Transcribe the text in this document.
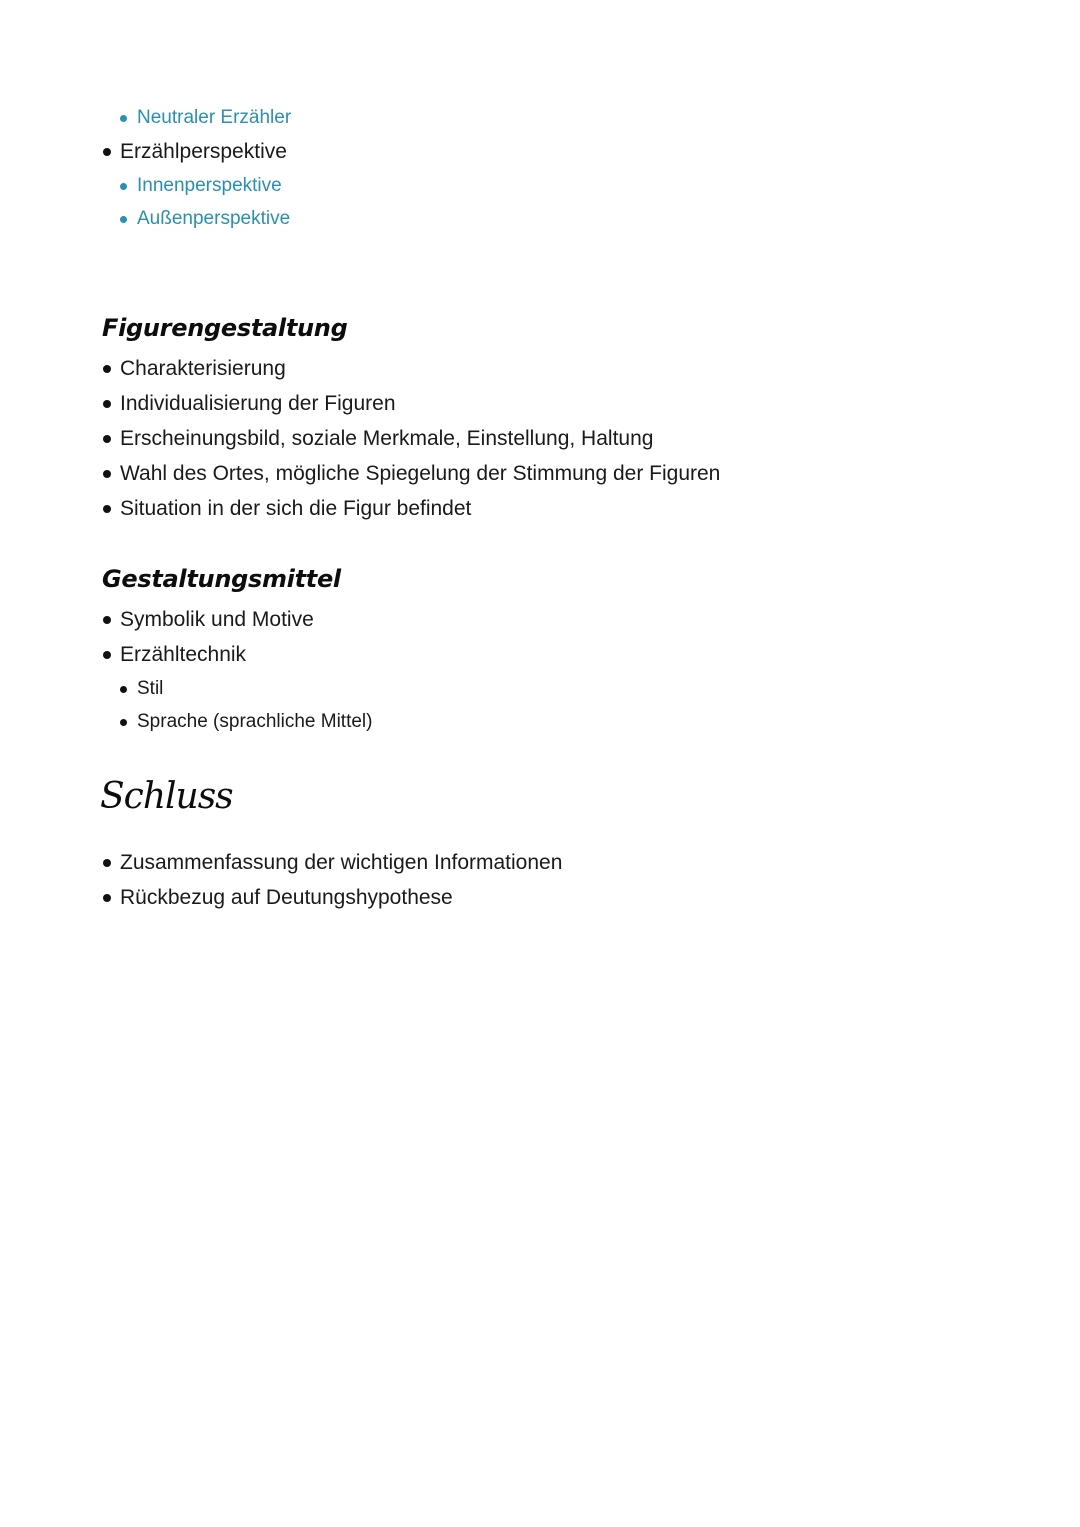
Neutraler Erzähler
Erzählperspektive
Innenperspektive
Außenperspektive
Figurengestaltung
Charakterisierung
Individualisierung der Figuren
Erscheinungsbild, soziale Merkmale, Einstellung, Haltung
Wahl des Ortes, mögliche Spiegelung der Stimmung der Figuren
Situation in der sich die Figur befindet
Gestaltungsmittel
Symbolik und Motive
Erzähltechnik
Stil
Sprache (sprachliche Mittel)
Schluss
Zusammenfassung der wichtigen Informationen
Rückbezug auf Deutungshypothese
